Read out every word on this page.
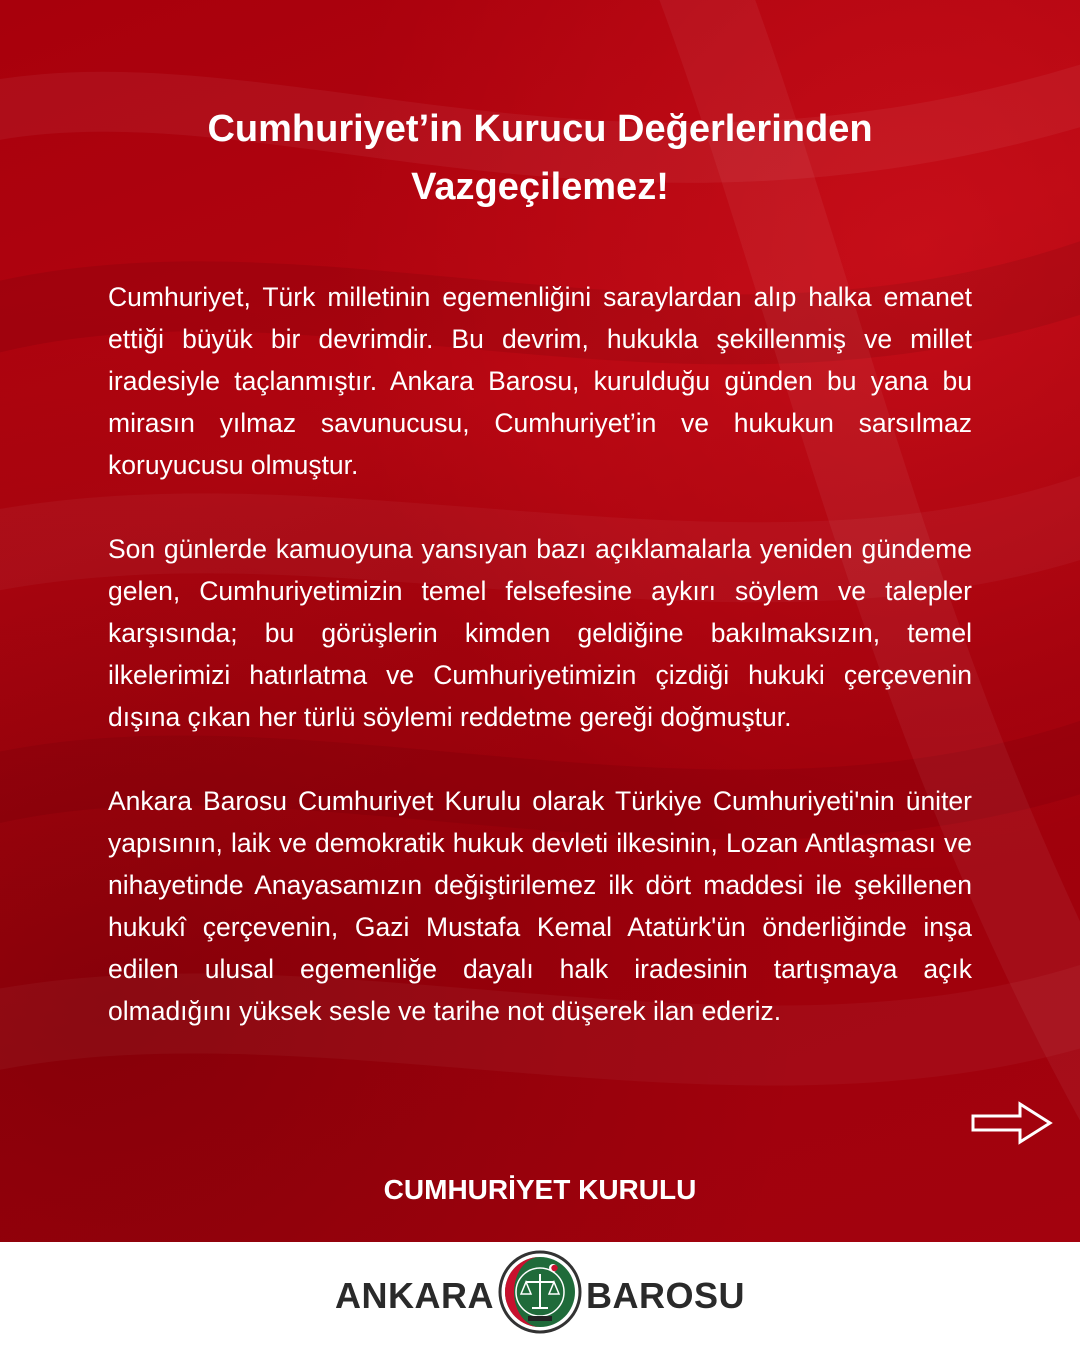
Cumhuriyet’in Kurucu Değerlerinden
Vazgeçilemez!

Cumhuriyet, Türk milletinin egemenliğini saraylardan alıp halka emanet ettiği büyük bir devrimdir. Bu devrim, hukukla şekillenmiş ve millet iradesiyle taçlanmıştır. Ankara Barosu, kurulduğu günden bu yana bu mirasın yılmaz savunucusu, Cumhuriyet’in ve hukukun sarsılmaz koruyucusu olmuştur.

Son günlerde kamuoyuna yansıyan bazı açıklamalarla yeniden gündeme gelen, Cumhuriyetimizin temel felsefesine aykırı söylem ve talepler karşısında; bu görüşlerin kimden geldiğine bakılmaksızın, temel ilkelerimizi hatırlatma ve Cumhuriyetimizin çizdiği hukuki çerçevenin dışına çıkan her türlü söylemi reddetme gereği doğmuştur.

Ankara Barosu Cumhuriyet Kurulu olarak Türkiye Cumhuriyeti'nin üniter yapısının, laik ve demokratik hukuk devleti ilkesinin, Lozan Antlaşması ve nihayetinde Anayasamızın değiştirilemez ilk dört maddesi ile şekillenen hukukî çerçevenin, Gazi Mustafa Kemal Atatürk'ün önderliğinde inşa edilen ulusal egemenliğe dayalı halk iradesinin tartışmaya açık olmadığını yüksek sesle ve tarihe not düşerek ilan ederiz.

CUMHURİYET KURULU
ANKARA	BAROSU
